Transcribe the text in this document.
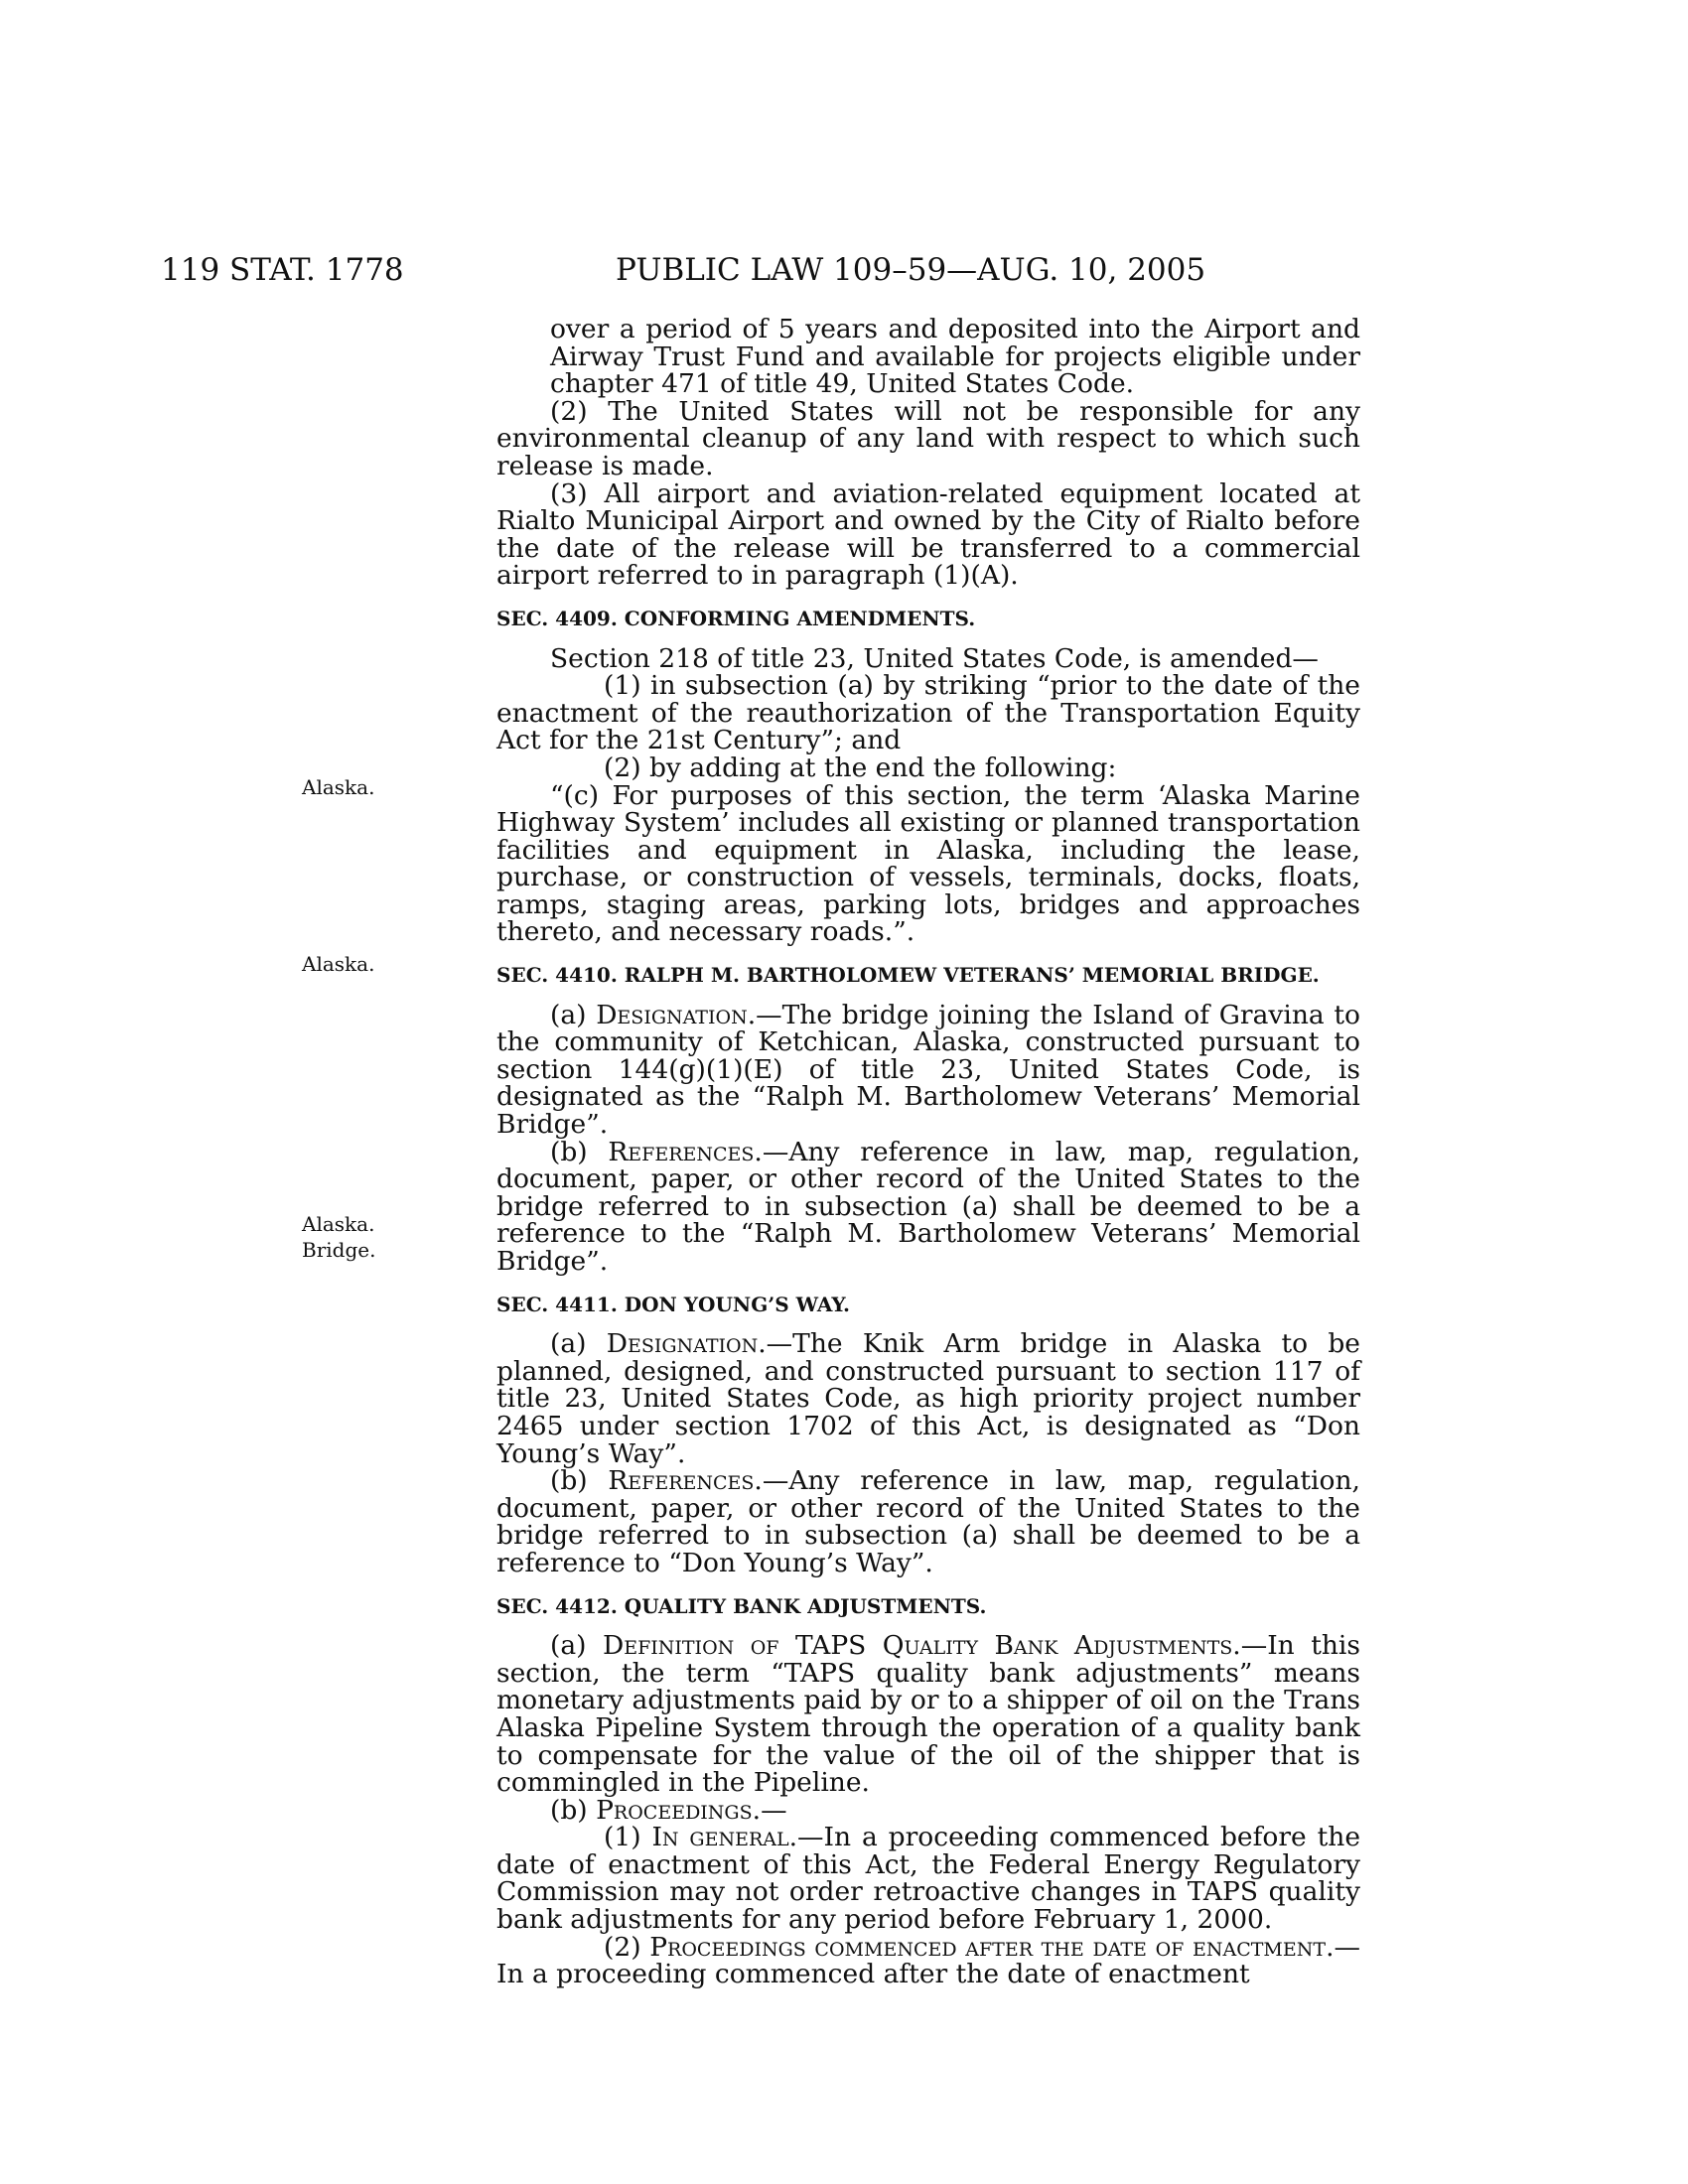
119 STAT. 1778	PUBLIC LAW 109–59—AUG. 10, 2005
Alaska.
Alaska.
Alaska.
Bridge.

over a period of 5 years and deposited into the Airport and Airway Trust Fund and available for projects eligible under chapter 471 of title 49, United States Code.

(2) The United States will not be responsible for any environmental cleanup of any land with respect to which such release is made.

(3) All airport and aviation-related equipment located at Rialto Municipal Airport and owned by the City of Rialto before the date of the release will be transferred to a commercial airport referred to in paragraph (1)(A).

SEC. 4409. CONFORMING AMENDMENTS.

Section 218 of title 23, United States Code, is amended—

(1) in subsection (a) by striking “prior to the date of the enactment of the reauthorization of the Transportation Equity Act for the 21st Century”; and

(2) by adding at the end the following:

“(c) For purposes of this section, the term ‘Alaska Marine Highway System’ includes all existing or planned transportation facilities and equipment in Alaska, including the lease, purchase, or construction of vessels, terminals, docks, floats, ramps, staging areas, parking lots, bridges and approaches thereto, and necessary roads.”.

SEC. 4410. RALPH M. BARTHOLOMEW VETERANS’ MEMORIAL BRIDGE.

(a) Designation.—The bridge joining the Island of Gravina to the community of Ketchican, Alaska, constructed pursuant to section 144(g)(1)(E) of title 23, United States Code, is designated as the “Ralph M. Bartholomew Veterans’ Memorial Bridge”.

(b) References.—Any reference in law, map, regulation, document, paper, or other record of the United States to the bridge referred to in subsection (a) shall be deemed to be a reference to the “Ralph M. Bartholomew Veterans’ Memorial Bridge”.

SEC. 4411. DON YOUNG’S WAY.

(a) Designation.—The Knik Arm bridge in Alaska to be planned, designed, and constructed pursuant to section 117 of title 23, United States Code, as high priority project number 2465 under section 1702 of this Act, is designated as “Don Young’s Way”.

(b) References.—Any reference in law, map, regulation, document, paper, or other record of the United States to the bridge referred to in subsection (a) shall be deemed to be a reference to “Don Young’s Way”.

SEC. 4412. QUALITY BANK ADJUSTMENTS.

(a) Definition of TAPS Quality Bank Adjustments.—In this section, the term “TAPS quality bank adjustments” means monetary adjustments paid by or to a shipper of oil on the Trans Alaska Pipeline System through the operation of a quality bank to compensate for the value of the oil of the shipper that is commingled in the Pipeline.

(b) Proceedings.—

(1) In general.—In a proceeding commenced before the date of enactment of this Act, the Federal Energy Regulatory Commission may not order retroactive changes in TAPS quality bank adjustments for any period before February 1, 2000.

(2) Proceedings commenced after the date of enactment.—In a proceeding commenced after the date of enactment
